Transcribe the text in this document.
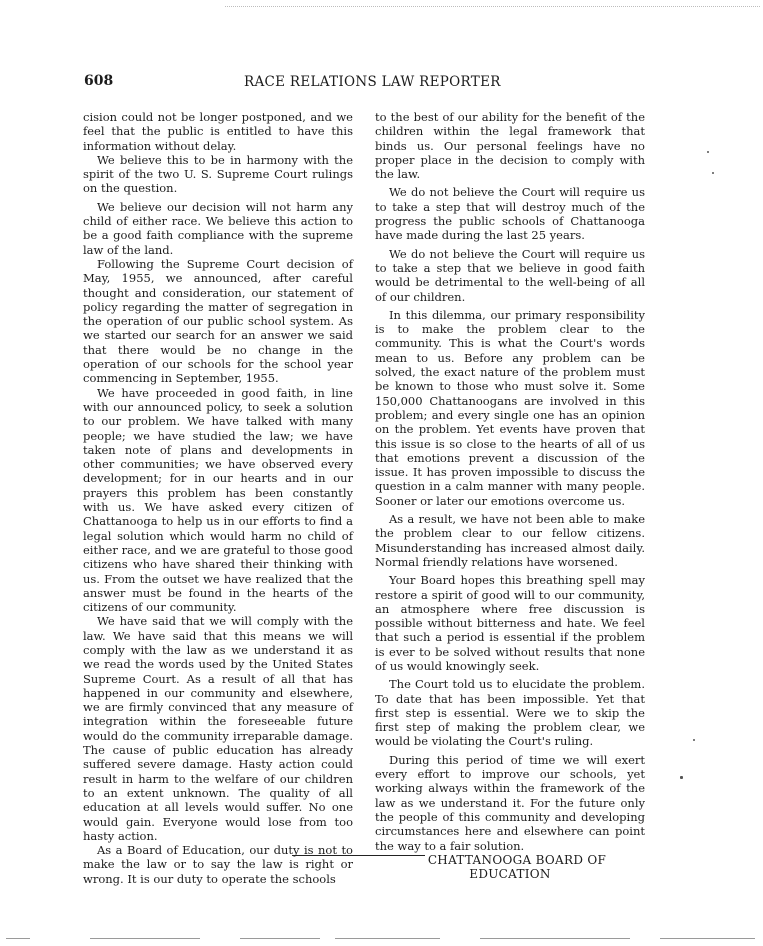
608	RACE RELATIONS LAW REPORTER

cision could not be longer postponed, and we feel that the public is entitled to have this information without delay.

We believe this to be in harmony with the spirit of the two U. S. Supreme Court rulings on the question.

We believe our decision will not harm any child of either race. We believe this action to be a good faith compliance with the supreme law of the land.

Following the Supreme Court decision of May, 1955, we announced, after careful thought and consideration, our statement of policy regarding the matter of segregation in the operation of our public school system. As we started our search for an answer we said that there would be no change in the operation of our schools for the school year commencing in September, 1955.

We have proceeded in good faith, in line with our announced policy, to seek a solution to our problem. We have talked with many people; we have studied the law; we have taken note of plans and developments in other communities; we have observed every development; for in our hearts and in our prayers this problem has been constantly with us. We have asked every citizen of Chattanooga to help us in our efforts to find a legal solution which would harm no child of either race, and we are grateful to those good citizens who have shared their thinking with us. From the outset we have realized that the answer must be found in the hearts of the citizens of our community.

We have said that we will comply with the law. We have said that this means we will comply with the law as we understand it as we read the words used by the United States Supreme Court. As a result of all that has happened in our community and elsewhere, we are firmly convinced that any measure of integration within the foreseeable future would do the community irreparable damage. The cause of public education has already suffered severe damage. Hasty action could result in harm to the welfare of our children to an extent unknown. The quality of all education at all levels would suffer. No one would gain. Everyone would lose from too hasty action.

As a Board of Education, our duty is not to make the law or to say the law is right or wrong. It is our duty to operate the schools

to the best of our ability for the benefit of the children within the legal framework that binds us. Our personal feelings have no proper place in the decision to comply with the law.

We do not believe the Court will require us to take a step that will destroy much of the progress the public schools of Chattanooga have made during the last 25 years.

We do not believe the Court will require us to take a step that we believe in good faith would be detrimental to the well-being of all of our children.

In this dilemma, our primary responsibility is to make the problem clear to the community. This is what the Court's words mean to us. Before any problem can be solved, the exact nature of the problem must be known to those who must solve it. Some 150,000 Chattanoogans are involved in this problem; and every single one has an opinion on the problem. Yet events have proven that this issue is so close to the hearts of all of us that emotions prevent a discussion of the issue. It has proven impossible to discuss the question in a calm manner with many people. Sooner or later our emotions overcome us.

As a result, we have not been able to make the problem clear to our fellow citizens. Misunderstanding has increased almost daily. Normal friendly relations have worsened.

Your Board hopes this breathing spell may restore a spirit of good will to our community, an atmosphere where free discussion is possible without bitterness and hate. We feel that such a period is essential if the problem is ever to be solved without results that none of us would knowingly seek.

The Court told us to elucidate the problem. To date that has been impossible. Yet that first step is essential. Were we to skip the first step of making the problem clear, we would be violating the Court's ruling.

During this period of time we will exert every effort to improve our schools, yet working always within the framework of the law as we understand it. For the future only the people of this community and developing circumstances here and elsewhere can point the way to a fair solution.

CHATTANOOGA BOARD OF EDUCATION
